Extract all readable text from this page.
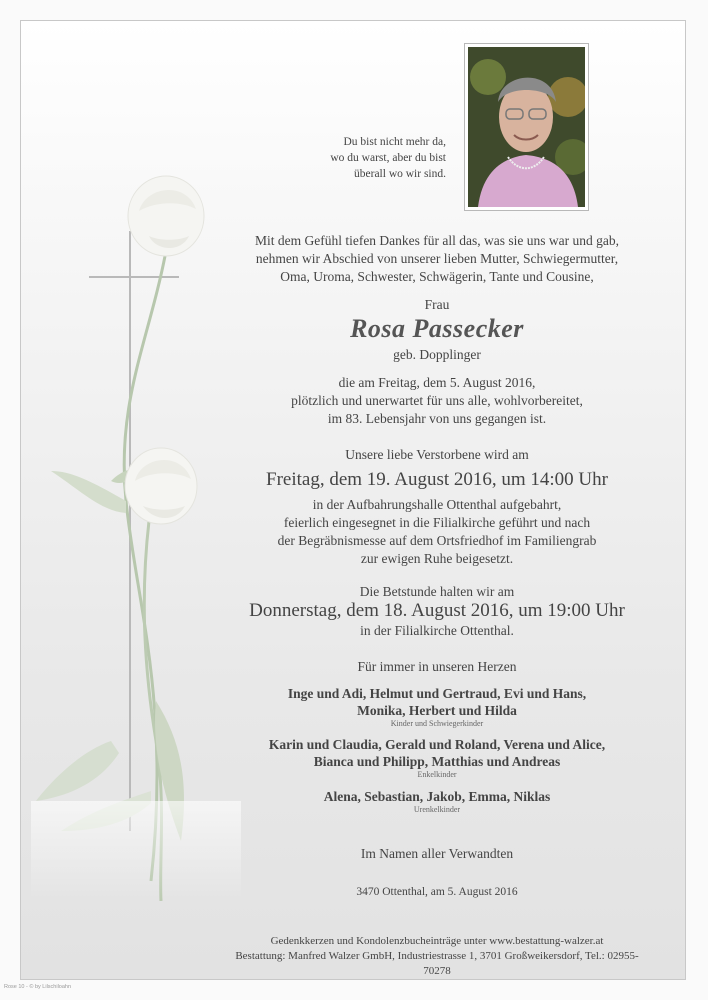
Du bist nicht mehr da,
wo du warst, aber du bist
überall wo wir sind.
Mit dem Gefühl tiefen Dankes für all das, was sie uns war und gab,
nehmen wir Abschied von unserer lieben Mutter, Schwiegermutter,
Oma, Uroma, Schwester, Schwägerin, Tante und Cousine,
Frau
Rosa Passecker
geb. Dopplinger
die am Freitag, dem 5. August 2016,
plötzlich und unerwartet für uns alle, wohlvorbereitet,
im 83. Lebensjahr von uns gegangen ist.
Unsere liebe Verstorbene wird am
Freitag, dem 19. August 2016, um 14:00 Uhr
in der Aufbahrungshalle Ottenthal aufgebahrt,
feierlich eingesegnet in die Filialkirche geführt und nach
der Begräbnismesse auf dem Ortsfriedhof im Familiengrab
zur ewigen Ruhe beigesetzt.
Die Betstunde halten wir am
Donnerstag, dem 18. August 2016, um 19:00 Uhr
in der Filialkirche Ottenthal.
Für immer in unseren Herzen
Inge und Adi, Helmut und Gertraud, Evi und Hans,
Monika, Herbert und Hilda
Kinder und Schwiegerkinder
Karin und Claudia, Gerald und Roland, Verena und Alice,
Bianca und Philipp, Matthias und Andreas
Enkelkinder
Alena, Sebastian, Jakob, Emma, Niklas
Urenkelkinder
Im Namen aller Verwandten
3470 Ottenthal, am 5. August 2016
Gedenkkerzen und Kondolenzbucheinträge unter www.bestattung-walzer.at
Bestattung: Manfred Walzer GmbH, Industriestrasse 1, 3701 Großweikersdorf, Tel.: 02955-70278
Rose 10 - © by Lilschiloahn
